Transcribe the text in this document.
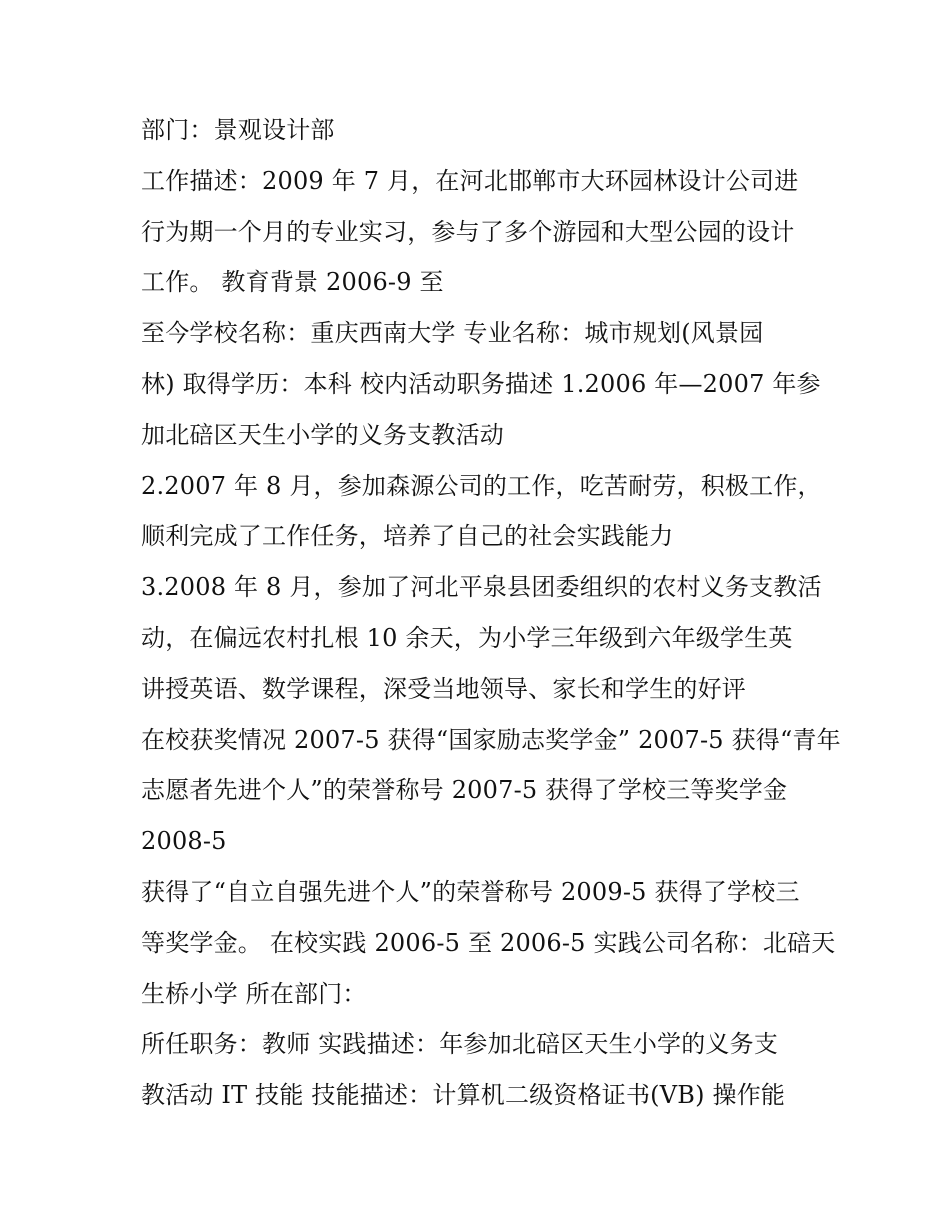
部门：景观设计部
工作描述：2009 年 7 月，在河北邯郸市大环园林设计公司进
行为期一个月的专业实习，参与了多个游园和大型公园的设计
工作。 教育背景 2006-9 至
至今学校名称：重庆西南大学 专业名称：城市规划(风景园
林) 取得学历：本科 校内活动职务描述 1.2006 年—2007 年参
加北碚区天生小学的义务支教活动
2.2007 年 8 月，参加森源公司的工作，吃苦耐劳，积极工作，
顺利完成了工作任务，培养了自己的社会实践能力
3.2008 年 8 月，参加了河北平泉县团委组织的农村义务支教活
动，在偏远农村扎根 10 余天，为小学三年级到六年级学生英
讲授英语、数学课程，深受当地领导、家长和学生的好评
在校获奖情况 2007-5 获得“国家励志奖学金” 2007-5 获得“青年
志愿者先进个人”的荣誉称号 2007-5 获得了学校三等奖学金
2008-5
获得了“自立自强先进个人”的荣誉称号 2009-5 获得了学校三
等奖学金。 在校实践 2006-5 至 2006-5 实践公司名称：北碚天
生桥小学 所在部门：
所任职务：教师 实践描述：年参加北碚区天生小学的义务支
教活动 IT 技能 技能描述：计算机二级资格证书(VB) 操作能
